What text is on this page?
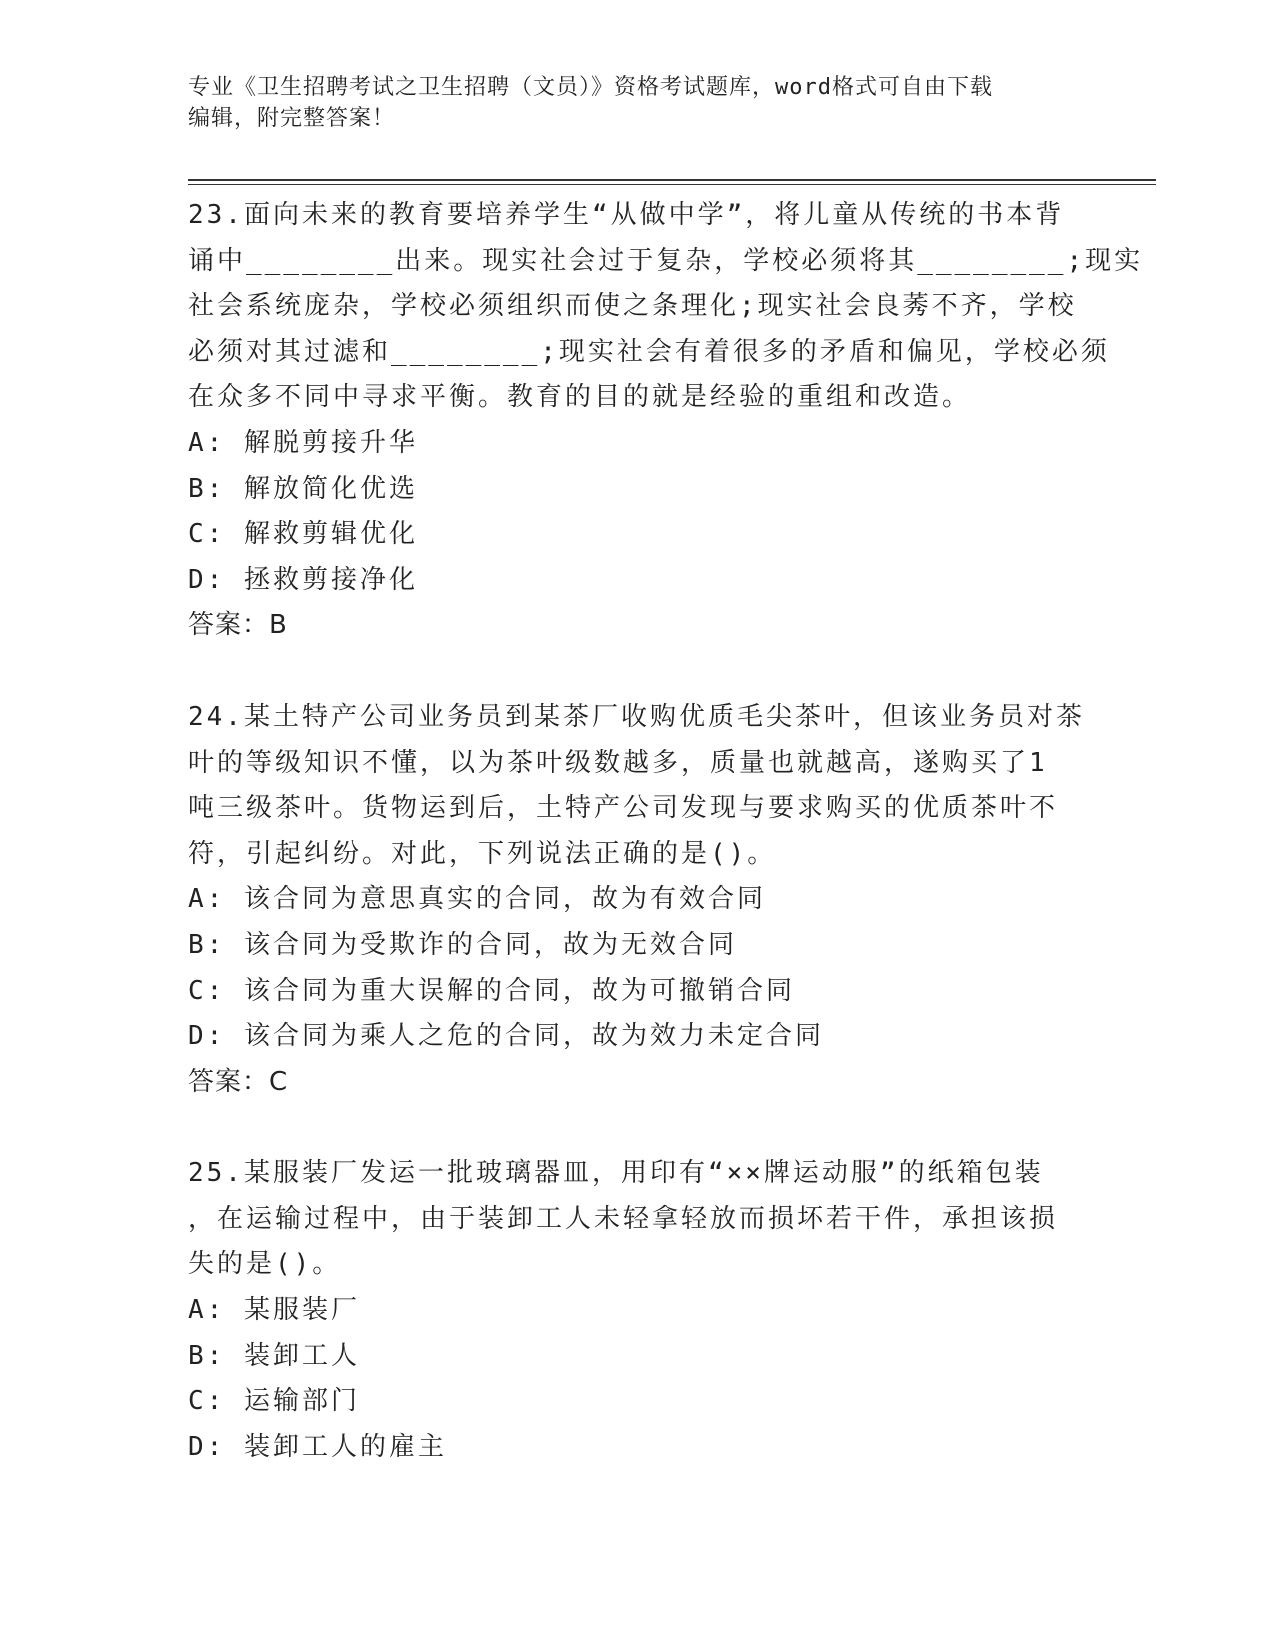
专业《卫生招聘考试之卫生招聘（文员）》资格考试题库，word格式可自由下载
编辑，附完整答案！
23.面向未来的教育要培养学生“从做中学”，将儿童从传统的书本背
诵中________出来。现实社会过于复杂，学校必须将其________;现实
社会系统庞杂，学校必须组织而使之条理化;现实社会良莠不齐，学校
必须对其过滤和________;现实社会有着很多的矛盾和偏见，学校必须
在众多不同中寻求平衡。教育的目的就是经验的重组和改造。
A: 解脱剪接升华
B: 解放简化优选
C: 解救剪辑优化
D: 拯救剪接净化
答案：B
24.某土特产公司业务员到某茶厂收购优质毛尖茶叶，但该业务员对茶
叶的等级知识不懂，以为茶叶级数越多，质量也就越高，遂购买了1
吨三级茶叶。货物运到后，土特产公司发现与要求购买的优质茶叶不
符，引起纠纷。对此，下列说法正确的是()。
A: 该合同为意思真实的合同，故为有效合同
B: 该合同为受欺诈的合同，故为无效合同
C: 该合同为重大误解的合同，故为可撤销合同
D: 该合同为乘人之危的合同，故为效力未定合同
答案：C
25.某服装厂发运一批玻璃器皿，用印有“××牌运动服”的纸箱包装
，在运输过程中，由于装卸工人未轻拿轻放而损坏若干件，承担该损
失的是()。
A: 某服装厂
B: 装卸工人
C: 运输部门
D: 装卸工人的雇主
